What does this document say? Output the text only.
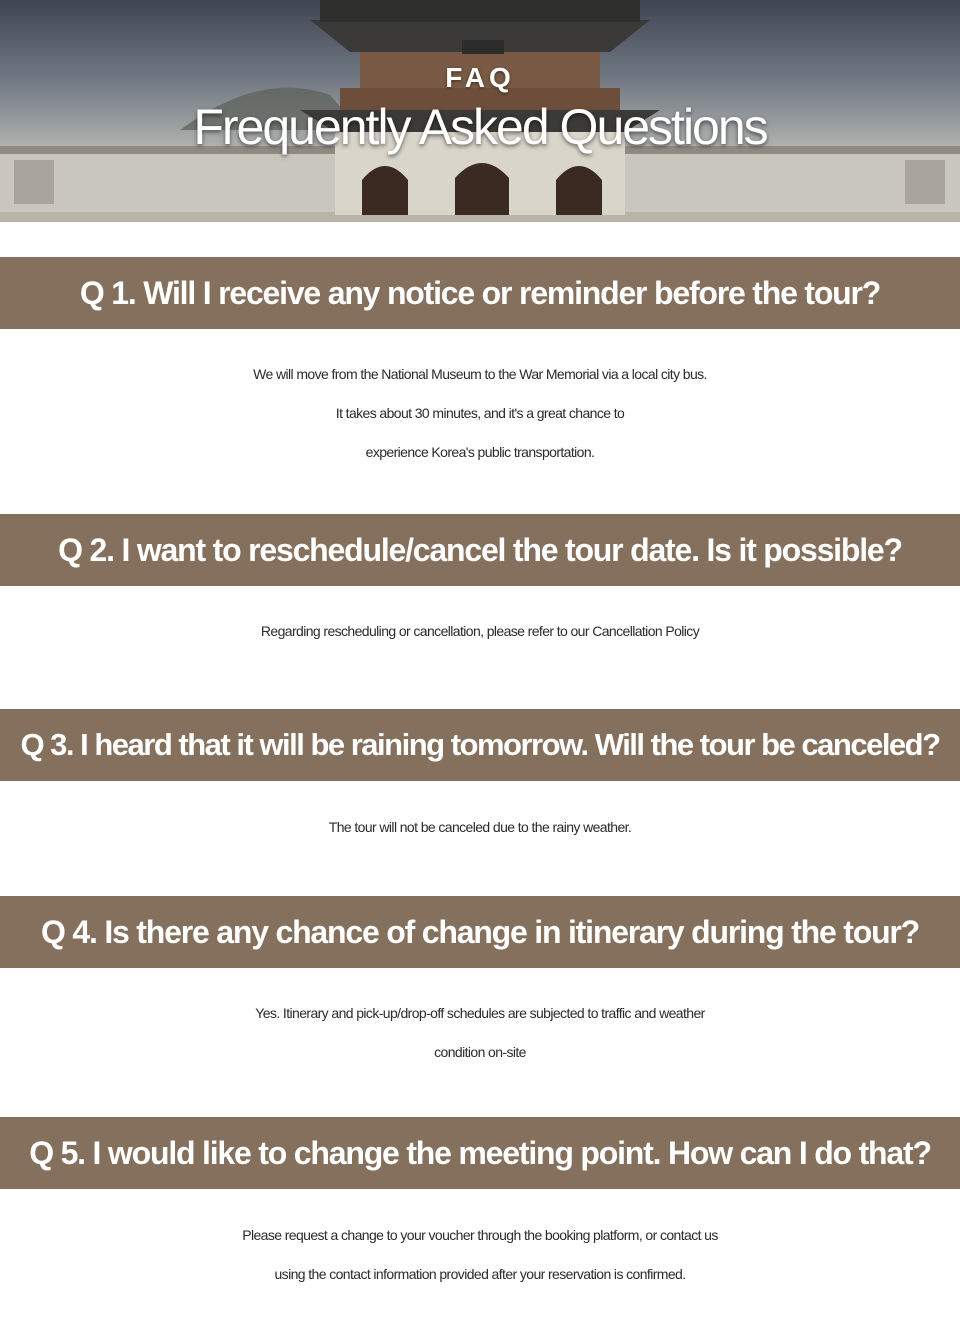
FAQ
Frequently Asked Questions
Q 1. Will I receive any notice or reminder before the tour?
We will move from the National Museum to the War Memorial via a local city bus.
It takes about 30 minutes, and it's a great chance to
experience Korea's public transportation.
Q 2. I want to reschedule/cancel the tour date. Is it possible?
Regarding rescheduling or cancellation, please refer to our Cancellation Policy
Q 3. I heard that it will be raining tomorrow. Will the tour be canceled?
The tour will not be canceled due to the rainy weather.
Q 4. Is there any chance of change in itinerary during the tour?
Yes. Itinerary and pick-up/drop-off schedules are subjected to traffic and weather
condition on-site
Q 5. I would like to change the meeting point. How can I do that?
Please request a change to your voucher through the booking platform, or contact us
using the contact information provided after your reservation is confirmed.
